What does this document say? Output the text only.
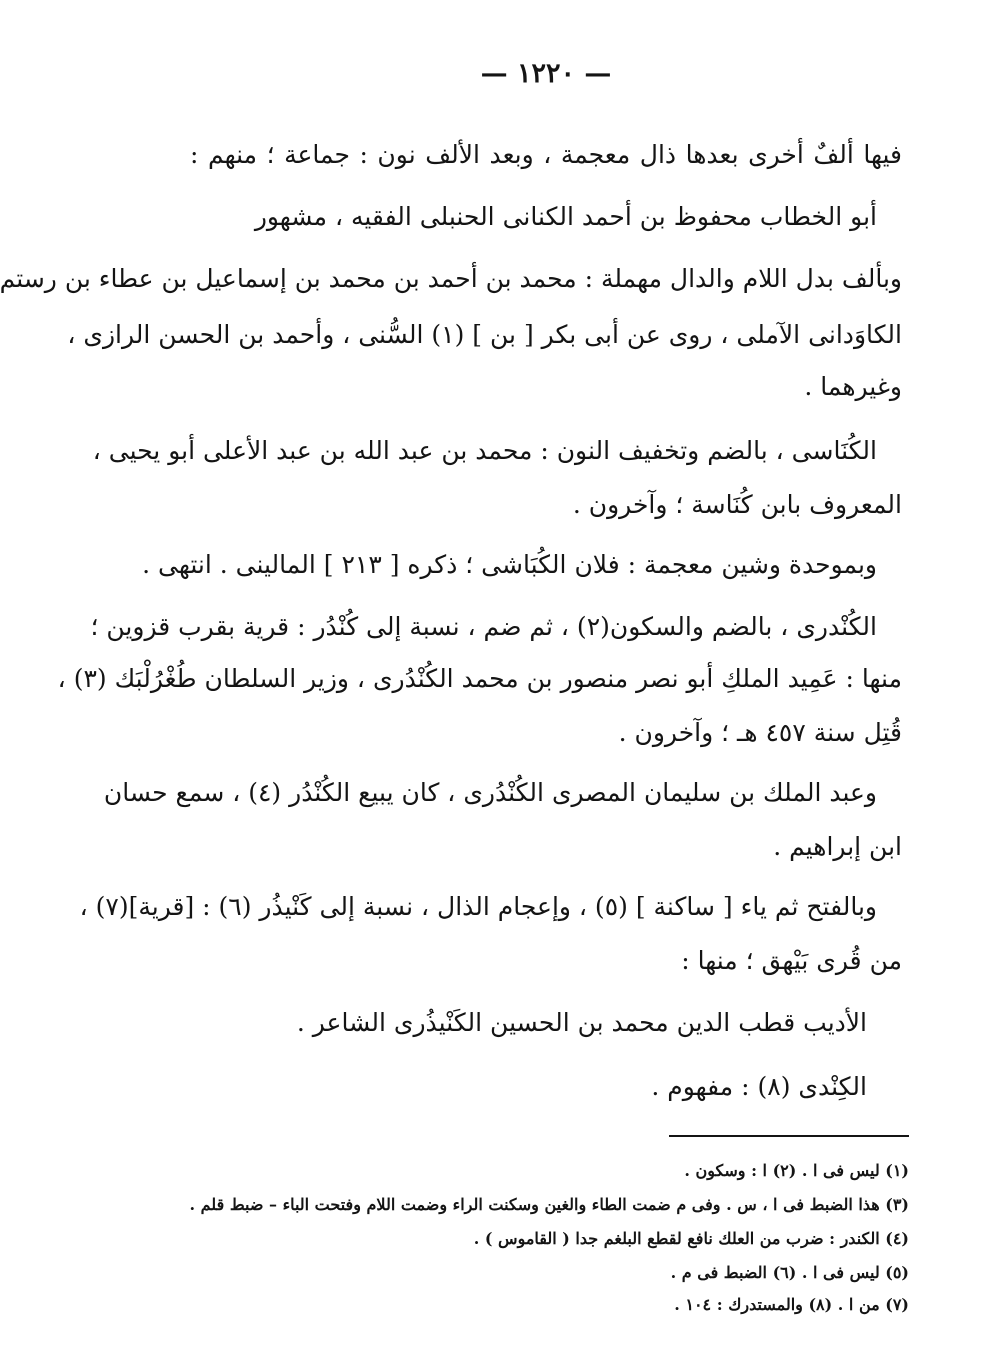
— ۱۲۲۰ —
فيها ألفٌ أخرى بعدها ذال معجمة ، وبعد الألف نون : جماعة ؛ منهم :
أبو الخطاب محفوظ بن أحمد الكنانى الحنبلى الفقيه ، مشهور
وبألف بدل اللام والدال مهملة : محمد بن أحمد بن محمد بن إسماعيل بن عطاء بن رستم
الكاوَدانى الآملى ، روى عن أبى بكر [ بن ] (١) السُّنى ، وأحمد بن الحسن الرازى ،
وغيرهما .
الكُنَاسى ، بالضم وتخفيف النون : محمد بن عبد الله بن عبد الأعلى أبو يحيى ،
المعروف بابن كُنَاسة ؛ وآخرون .
وبموحدة وشين معجمة : فلان الكُبَاشى ؛ ذكره [ ٢١٣ ] المالينى . انتهى .
الكُنْدرى ، بالضم والسكون(٢) ، ثم ضم ، نسبة إلى كُنْدُر : قرية بقرب قزوين ؛
منها : عَمِيد الملكِ أبو نصر منصور بن محمد الكُنْدُرى ، وزير السلطان طُغْرُلْبَك (٣) ،
قُتِل سنة ٤٥٧ هـ ؛ وآخرون .
وعبد الملك بن سليمان المصرى الكُنْدُرى ، كان يبيع الكُنْدُر (٤) ، سمع حسان
ابن إبراهيم .
وبالفتح ثم ياء [ ساكنة ] (٥) ، وإعجام الذال ، نسبة إلى كَنْيذُر (٦) : [قرية](٧) ،
من قُرى بَيْهق ؛ منها :
الأديب قطب الدين محمد بن الحسين الكَنْيذُرى الشاعر .
الكِنْدى (٨) : مفهوم .
(١) ليس فى ا . (٢) ا : وسكون .
(٣) هذا الضبط فى ا ، س . وفى م ضمت الطاء والغين وسكنت الراء وضمت اللام وفتحت الباء – ضبط قلم .
(٤) الكندر : ضرب من العلك نافع لقطع البلغم جدا ( القاموس ) .
(٥) ليس فى ا . (٦) الضبط فى م .
(٧) من ا . (٨) والمستدرك : ١٠٤ .
